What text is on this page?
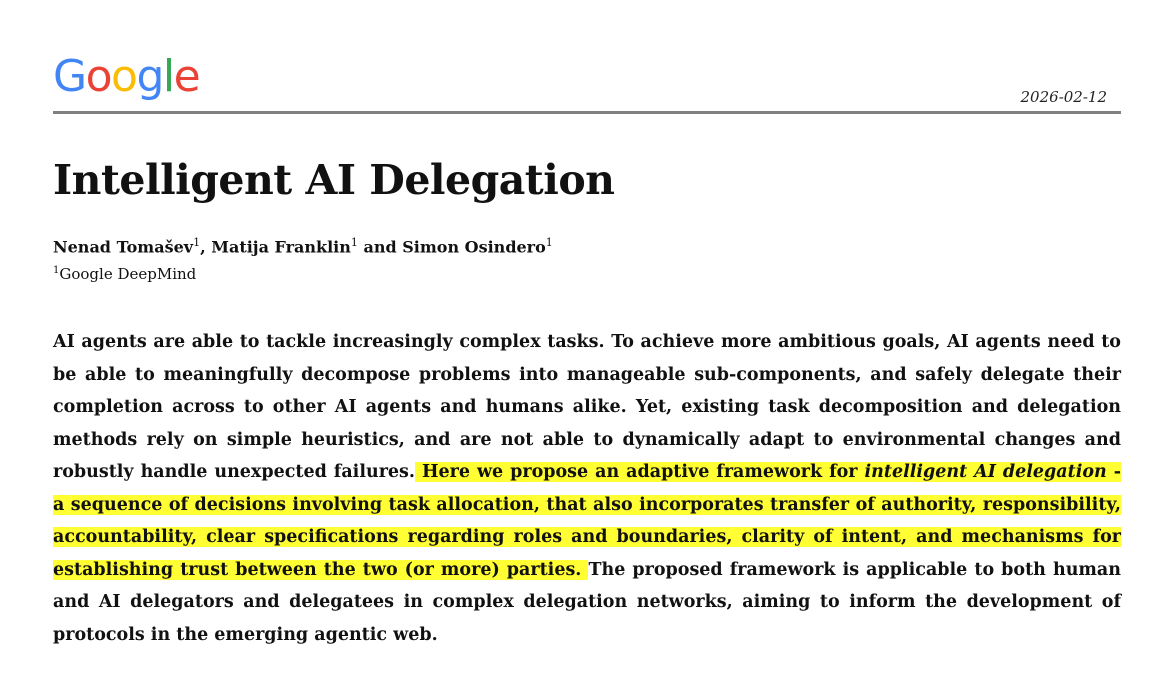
Google	2026-02-12
Intelligent AI Delegation
Nenad Tomašev$^1$, Matija Franklin$^1$ and Simon Osindero$^1$
$^1$Google DeepMind

AI agents are able to tackle increasingly complex tasks. To achieve more ambitious goals, AI agents need to be able to meaningfully decompose problems into manageable sub-components, and safely delegate their completion across to other AI agents and humans alike. Yet, existing task decomposition and delegation methods rely on simple heuristics, and are not able to dynamically adapt to environmental changes and robustly handle unexpected failures. Here we propose an adaptive framework for intelligent AI delegation - a sequence of decisions involving task allocation, that also incorporates transfer of authority, responsibility, accountability, clear specifications regarding roles and boundaries, clarity of intent, and mechanisms for establishing trust between the two (or more) parties. The proposed framework is applicable to both human and AI delegators and delegatees in complex delegation networks, aiming to inform the development of protocols in the emerging agentic web.
